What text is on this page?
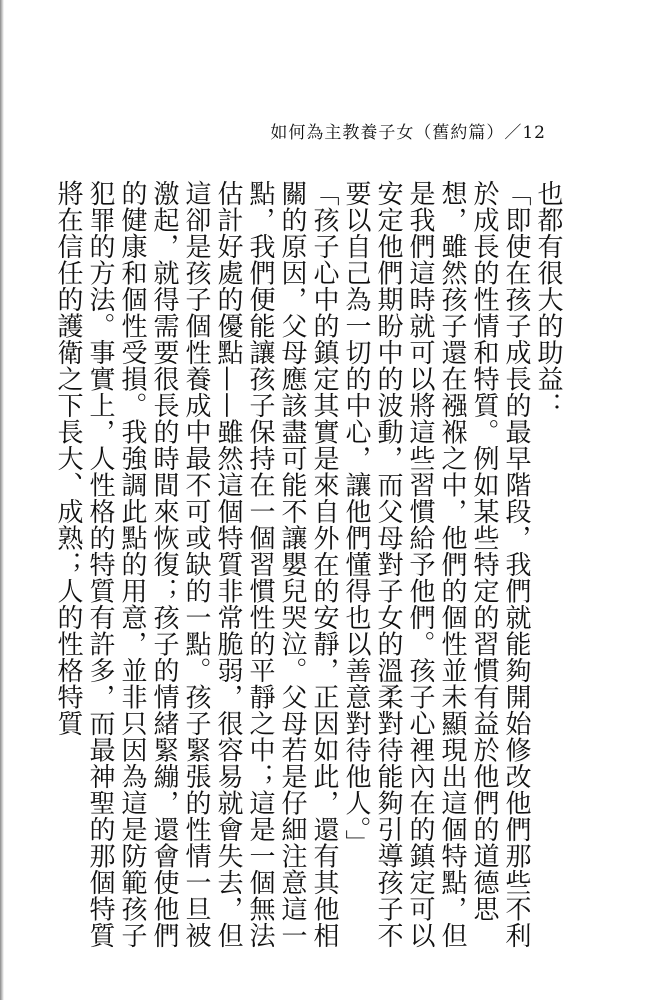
如何為主教養子女（舊約篇）／12

也都有很大的助益：

「即使在孩子成長的最早階段，我們就能夠開始修改他們那些不利於成長的性情和特質。例如某些特定的習慣有益於他們的道德思想，雖然孩子還在襁褓之中，他們的個性並未顯現出這個特點，但是我們這時就可以將這些習慣給予他們。孩子心裡內在的鎮定可以安定他們期盼中的波動，而父母對子女的溫柔對待能夠引導孩子不要以自己為一切的中心，讓他們懂得也以善意對待他人。」

「孩子心中的鎮定其實是來自外在的安靜，正因如此，還有其他相關的原因，父母應該盡可能不讓嬰兒哭泣。父母若是仔細注意這一點，我們便能讓孩子保持在一個習慣性的平靜之中；這是一個無法估計好處的優點——雖然這個特質非常脆弱，很容易就會失去，但這卻是孩子個性養成中最不可或缺的一點。孩子緊張的性情一旦被激起，就得需要很長的時間來恢復；孩子的情緒緊繃，還會使他們的健康和個性受損。我強調此點的用意，並非只因為這是防範孩子犯罪的方法。事實上，人性格的特質有許多，而最神聖的那個特質將在信任的護衛之下長大、成熟；人的性格特質
